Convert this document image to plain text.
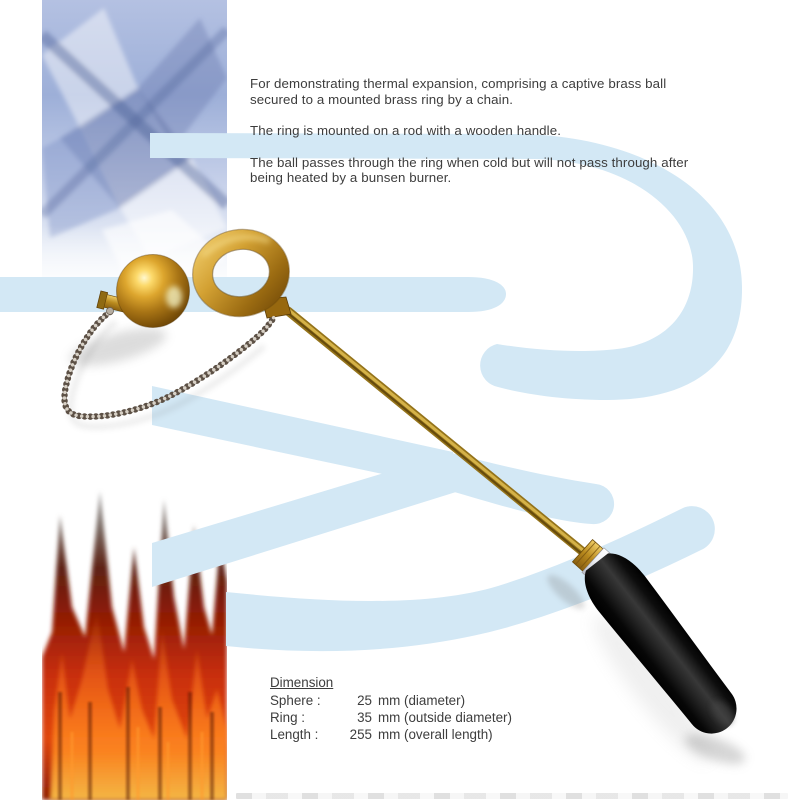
For demonstrating thermal expansion, comprising a captive brass ball
secured to a mounted brass ring by a chain.

The ring is mounted on a rod with a wooden handle.

The ball passes through the ring when cold but will not pass through after
being heated by a bunsen burner.

Dimension
Sphere :	25 mm (diameter)
Ring :	35 mm (outside diameter)
Length :	255 mm (overall length)
